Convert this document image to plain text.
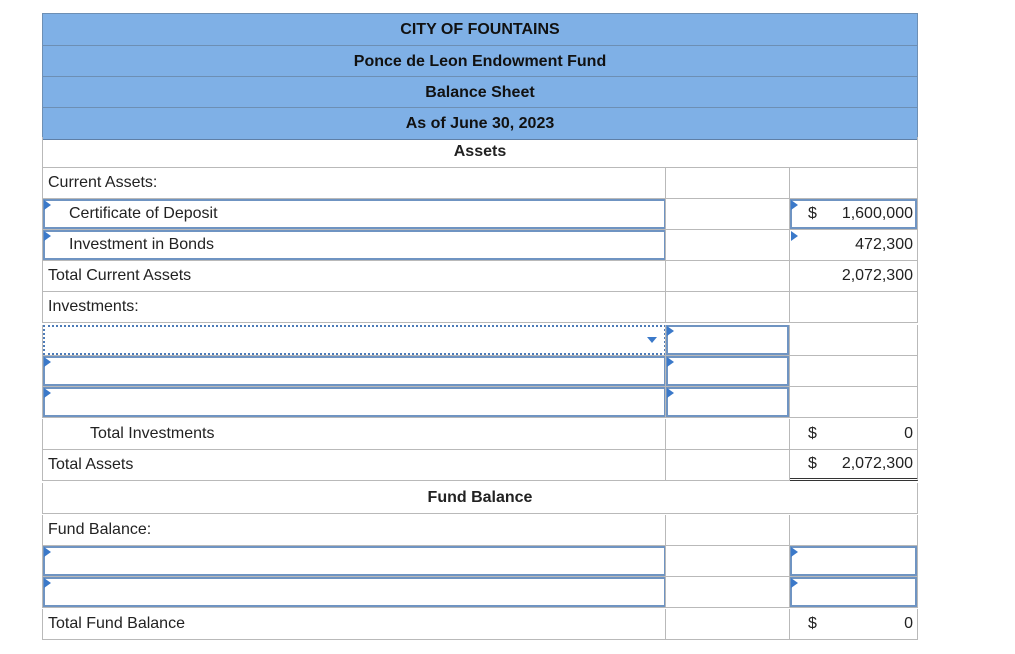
CITY OF FOUNTAINS
Ponce de Leon Endowment Fund
Balance Sheet
As of June 30, 2023
Assets
Current Assets:
Certificate of Deposit	$ 1,600,000
Investment in Bonds	472,300
Total Current Assets	2,072,300
Investments:
Total Investments	$	0
Total Assets	$ 2,072,300
Fund Balance
Fund Balance:
Total Fund Balance	$	0
